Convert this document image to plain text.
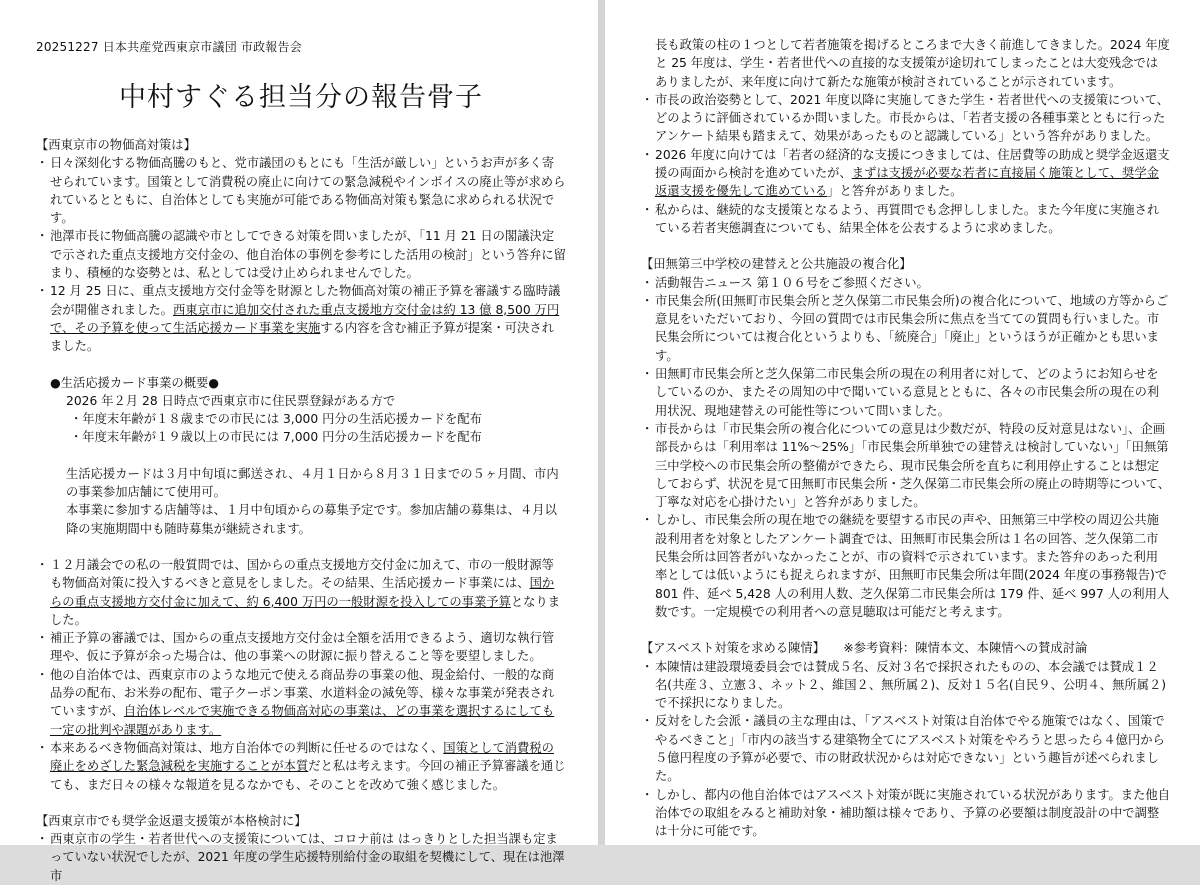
20251227 日本共産党西東京市議団 市政報告会
中村すぐる担当分の報告骨子
【西東京市の物価高対策は】
・ 日々深刻化する物価高騰のもと、党市議団のもとにも「生活が厳しい」というお声が多く寄せられています。国策として消費税の廃止に向けての緊急減税やインボイスの廃止等が求められているとともに、自治体としても実施が可能である物価高対策も緊急に求められる状況です。
・ 池澤市長に物価高騰の認識や市としてできる対策を問いましたが、「11 月 21 日の閣議決定で示された重点支援地方交付金の、他自治体の事例を参考にした活用の検討」という答弁に留まり、積極的な姿勢とは、私としては受け止められませんでした。
・ 12 月 25 日に、重点支援地方交付金等を財源とした物価高対策の補正予算を審議する臨時議会が開催されました。西東京市に追加交付された重点支援地方交付金は約 13 億 8,500 万円で、その予算を使って生活応援カード事業を実施する内容を含む補正予算が提案・可決されました。
●生活応援カード事業の概要●
2026 年２月 28 日時点で西東京市に住民票登録がある方で
・年度末年齢が１８歳までの市民には 3,000 円分の生活応援カードを配布
・年度末年齢が１９歳以上の市民には 7,000 円分の生活応援カードを配布
生活応援カードは３月中旬頃に郵送され、４月１日から８月３１日までの５ヶ月間、市内の事業参加店舗にて使用可。
本事業に参加する店舗等は、１月中旬頃からの募集予定です。参加店舗の募集は、４月以降の実施期間中も随時募集が継続されます。
・ １２月議会での私の一般質問では、国からの重点支援地方交付金に加えて、市の一般財源等も物価高対策に投入するべきと意見をしました。その結果、生活応援カード事業には、国からの重点支援地方交付金に加えて、約 6,400 万円の一般財源を投入しての事業予算となりました。
・ 補正予算の審議では、国からの重点支援地方交付金は全額を活用できるよう、適切な執行管理や、仮に予算が余った場合は、他の事業への財源に振り替えること等を要望しました。
・ 他の自治体では、西東京市のような地元で使える商品券の事業の他、現金給付、一般的な商品券の配布、お米券の配布、電子クーポン事業、水道料金の減免等、様々な事業が発表されていますが、自治体レベルで実施できる物価高対応の事業は、どの事業を選択するにしても一定の批判や課題があります。
・ 本来あるべき物価高対策は、地方自治体での判断に任せるのではなく、国策として消費税の廃止をめざした緊急減税を実施することが本質だと私は考えます。今回の補正予算審議を通じても、まだ日々の様々な報道を見るなかでも、そのことを改めて強く感じました。
【西東京市でも奨学金返還支援策が本格検討に】
・ 西東京市の学生・若者世代への支援策については、コロナ前は はっきりとした担当課も定まっていない状況でしたが、2021 年度の学生応援特別給付金の取組を契機にして、現在は池澤市
長も政策の柱の１つとして若者施策を掲げるところまで大きく前進してきました。2024 年度と 25 年度は、学生・若者世代への直接的な支援策が途切れてしまったことは大変残念ではありましたが、来年度に向けて新たな施策が検討されていることが示されています。
・ 市長の政治姿勢として、2021 年度以降に実施してきた学生・若者世代への支援策について、どのように評価されているか問いました。市長からは、「若者支援の各種事業とともに行ったアンケート結果も踏まえて、効果があったものと認識している」という答弁がありました。
・ 2026 年度に向けては「若者の経済的な支援につきましては、住居費等の助成と奨学金返還支援の両面から検討を進めていたが、まずは支援が必要な若者に直接届く施策として、奨学金返還支援を優先して進めている」と答弁がありました。
・ 私からは、継続的な支援策となるよう、再質問でも念押ししました。また今年度に実施されている若者実態調査についても、結果全体を公表するように求めました。
【田無第三中学校の建替えと公共施設の複合化】
・ 活動報告ニュース 第１０６号をご参照ください。
・ 市民集会所(田無町市民集会所と芝久保第二市民集会所)の複合化について、地域の方等からご意見をいただいており、今回の質問では市民集会所に焦点を当てての質問も行いました。市民集会所については複合化というよりも、「統廃合」「廃止」というほうが正確かとも思います。
・ 田無町市民集会所と芝久保第二市民集会所の現在の利用者に対して、どのようにお知らせをしているのか、またその周知の中で聞いている意見とともに、各々の市民集会所の現在の利用状況、現地建替えの可能性等について問いました。
・ 市長からは「市民集会所の複合化についての意見は少数だが、特段の反対意見はない」、企画部長からは「利用率は 11%～25%」「市民集会所単独での建替えは検討していない」「田無第三中学校への市民集会所の整備ができたら、現市民集会所を直ちに利用停止することは想定しておらず、状況を見て田無町市民集会所・芝久保第二市民集会所の廃止の時期等について、丁寧な対応を心掛けたい」と答弁がありました。
・ しかし、市民集会所の現在地での継続を要望する市民の声や、田無第三中学校の周辺公共施設利用者を対象としたアンケート調査では、田無町市民集会所は１名の回答、芝久保第二市民集会所は回答者がいなかったことが、市の資料で示されています。また答弁のあった利用率としては低いようにも捉えられますが、田無町市民集会所は年間(2024 年度の事務報告)で 801 件、延べ 5,428 人の利用人数、芝久保第二市民集会所は 179 件、延べ 997 人の利用人数です。一定規模での利用者への意見聴取は可能だと考えます。
【アスベスト対策を求める陳情】　　※参考資料：陳情本文、本陳情への賛成討論
・ 本陳情は建設環境委員会では賛成５名、反対３名で採択されたものの、本会議では賛成１２名(共産３、立憲３、ネット２、維国２、無所属２)、反対１５名(自民９、公明４、無所属２)で不採択になりました。
・ 反対をした会派・議員の主な理由は、「アスベスト対策は自治体でやる施策ではなく、国策でやるべきこと」「市内の該当する建築物全てにアスベスト対策をやろうと思ったら４億円から５億円程度の予算が必要で、市の財政状況からは対応できない」という趣旨が述べられました。
・ しかし、都内の他自治体ではアスベスト対策が既に実施されている状況があります。また他自治体での取組をみると補助対象・補助額は様々であり、予算の必要額は制度設計の中で調整は十分に可能です。
